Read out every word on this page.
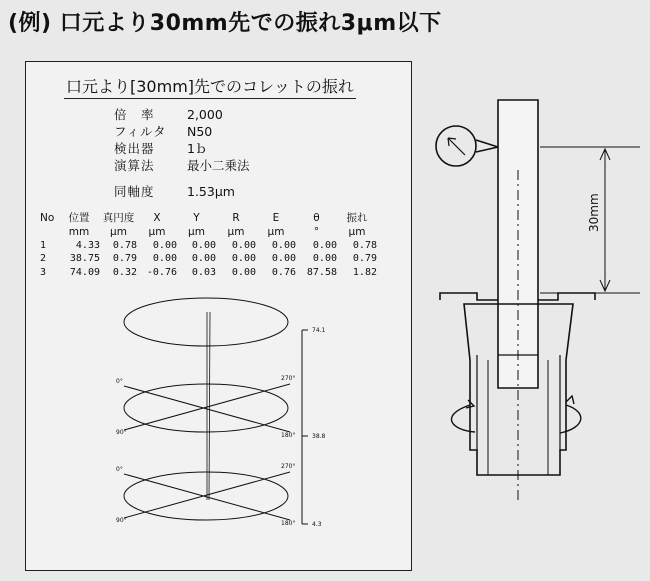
(例) 口元より30mm先での振れ3μm以下
口元より[30mm]先でのコレットの振れ
倍　率	2,000
フィルタ N50
検出器	1ｂ
演算法	最小二乗法
同軸度	1.53μm
No	位置	真円度	X	Y	R	E	θ	振れ
	mm	μm	μm	μm	μm	μm	°	μm
1	4.33	0.78	0.00	0.00	0.00	0.00	0.00	0.78
2	38.75	0.79	0.00	0.00	0.00	0.00	0.00	0.79
3	74.09	0.32	-0.76	0.03	0.00	0.76	87.58	1.82
74.1
38.8
4.3
0°	270°
90°	180°
0°	270°
90°	180°
30mm
